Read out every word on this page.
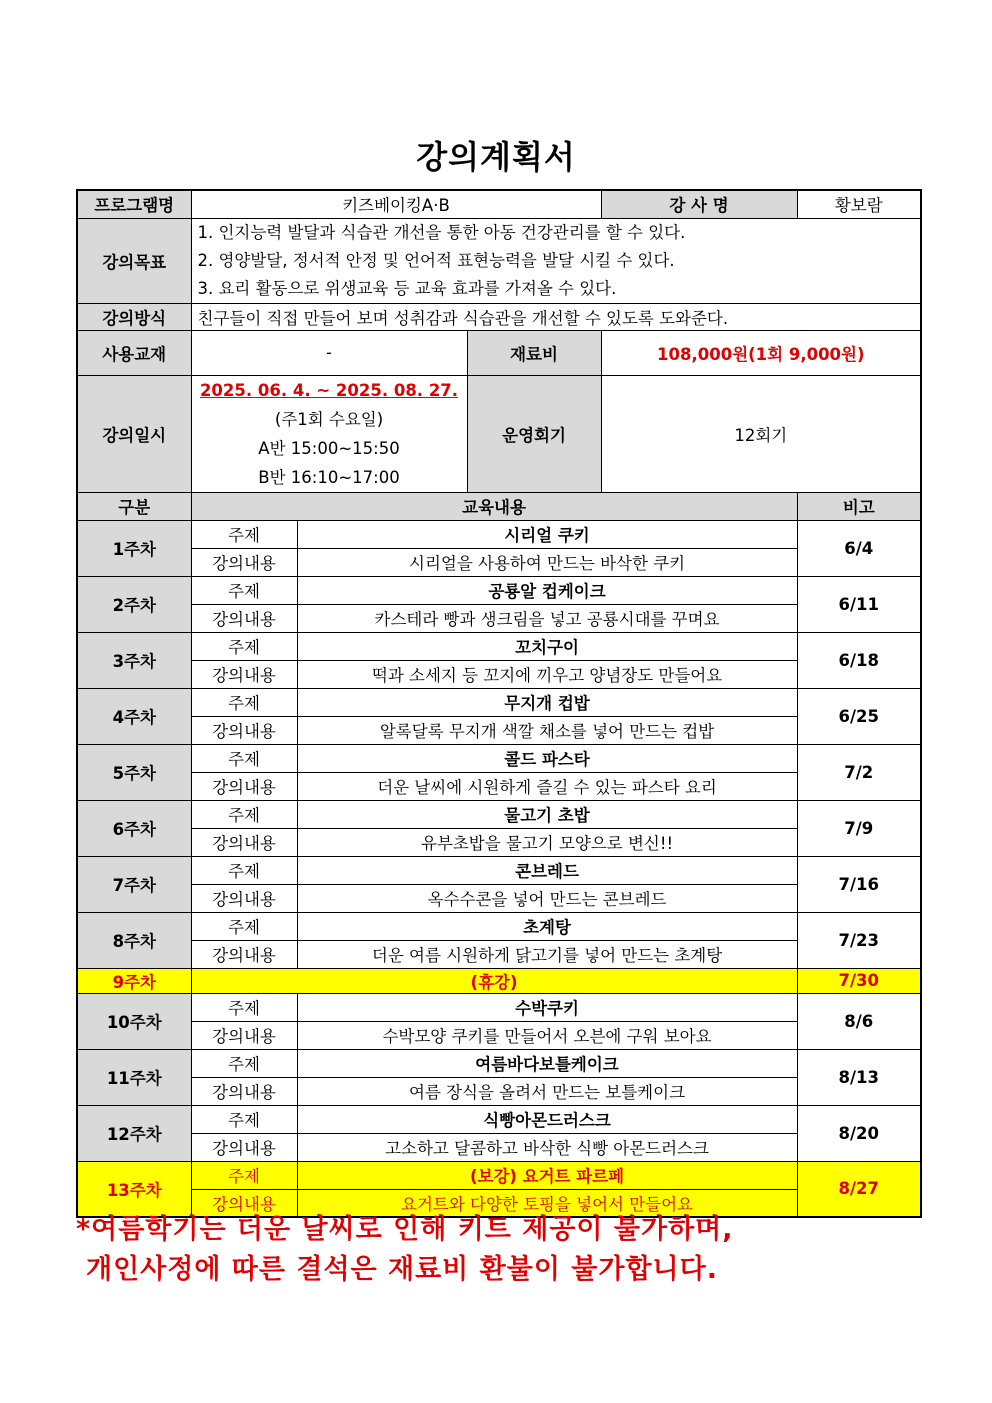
강의계획서
프로그램명	키즈베이킹A·B			강 사 명	황보람
강의목표	1. 인지능력 발달과 식습관 개선을 통한 아동 건강관리를 할 수 있다.
2. 영양발달, 정서적 안정 및 언어적 표현능력을 발달 시킬 수 있다.
3. 요리 활동으로 위생교육 등 교육 효과를 가져올 수 있다.				

강의방식	친구들이 직접 만들어 보며 성취감과 식습관을 개선할 수 있도록 도와준다.				
사용교재	-		재료비	108,000원(1회 9,000원)	
강의일시	2025. 06. 4. ~ 2025. 08. 27.
(주1회 수요일)
A반 15:00~15:50
B반 16:10~17:00		운영회기	12회기	
구분	교육내용				비고
1주차	주제	시리얼 쿠키			6/4
	강의내용	시리얼을 사용하여 만드는 바삭한 쿠키			
2주차	주제	공룡알 컵케이크			6/11
	강의내용	카스테라 빵과 생크림을 넣고 공룡시대를 꾸며요			
3주차	주제	꼬치구이			6/18
	강의내용	떡과 소세지 등 꼬지에 끼우고 양념장도 만들어요			
4주차	주제	무지개 컵밥			6/25
	강의내용	알록달록 무지개 색깔 채소를 넣어 만드는 컵밥			
5주차	주제	콜드 파스타			7/2
	강의내용	더운 날씨에 시원하게 즐길 수 있는 파스타 요리			
6주차	주제	물고기 초밥			7/9
	강의내용	유부초밥을 물고기 모양으로 변신!!			
7주차	주제	콘브레드			7/16
	강의내용	옥수수콘을 넣어 만드는 콘브레드			
8주차	주제	초계탕			7/23
	강의내용	더운 여름 시원하게 닭고기를 넣어 만드는 초계탕			
9주차	(휴강)				7/30
10주차	주제	수박쿠키			8/6
	강의내용	수박모양 쿠키를 만들어서 오븐에 구워 보아요			
11주차	주제	여름바다보틀케이크			8/13
	강의내용	여름 장식을 올려서 만드는 보틀케이크			
12주차	주제	식빵아몬드러스크			8/20
	강의내용	고소하고 달콤하고 바삭한 식빵 아몬드러스크			
13주차	주제	(보강) 요거트 파르페			8/27
	강의내용	요거트와 다양한 토핑을 넣어서 만들어요			
*여름학기는 더운 날씨로 인해 키트 제공이 불가하며,
개인사정에 따른 결석은 재료비 환불이 불가합니다.
